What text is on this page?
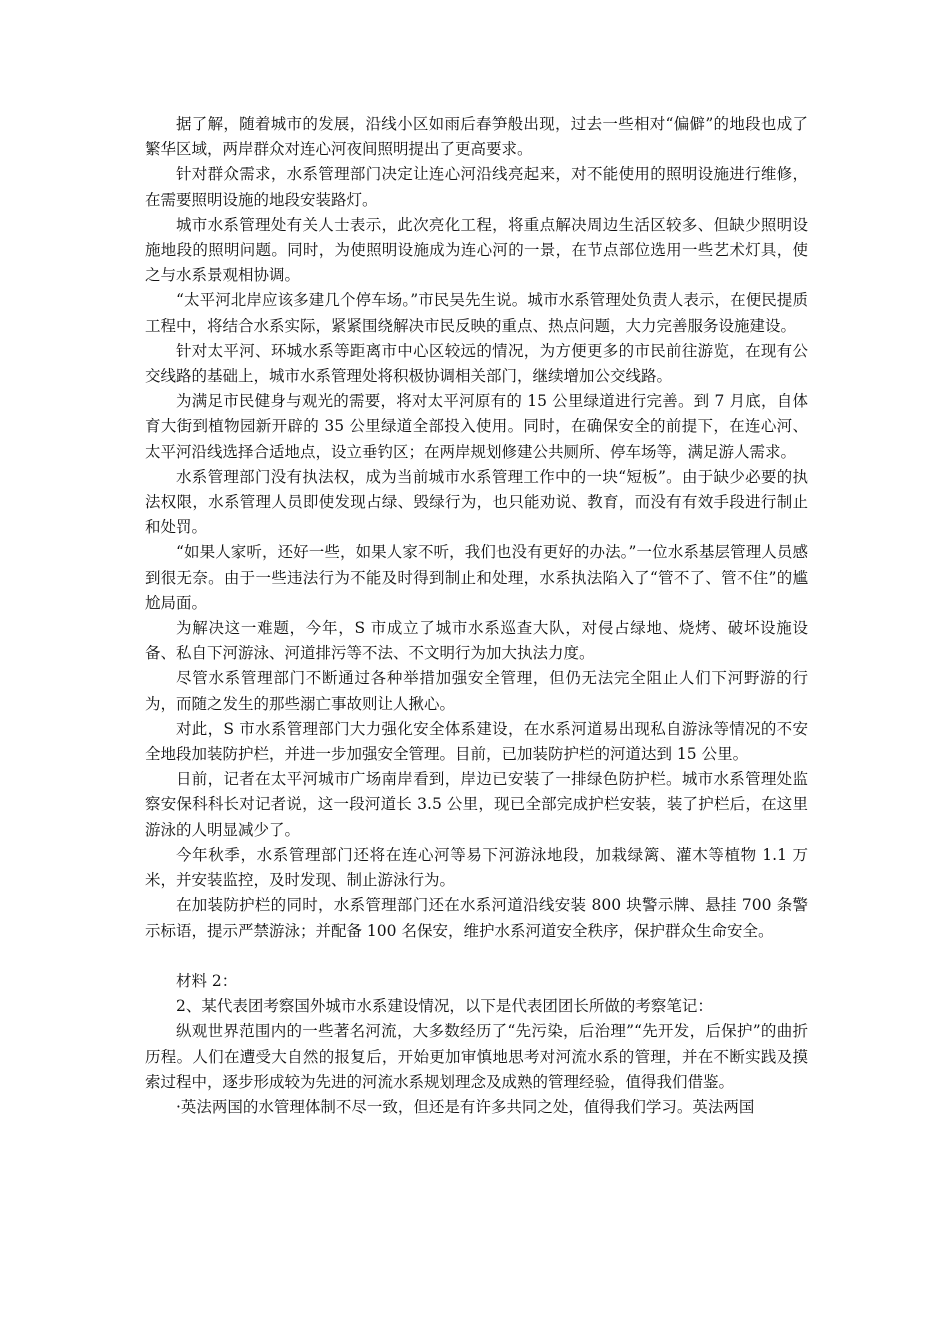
据了解，随着城市的发展，沿线小区如雨后春笋般出现，过去一些相对“偏僻”的地段也成了繁华区域，两岸群众对连心河夜间照明提出了更高要求。

针对群众需求，水系管理部门决定让连心河沿线亮起来，对不能使用的照明设施进行维修，在需要照明设施的地段安装路灯。

城市水系管理处有关人士表示，此次亮化工程，将重点解决周边生活区较多、但缺少照明设施地段的照明问题。同时，为使照明设施成为连心河的一景，在节点部位选用一些艺术灯具，使之与水系景观相协调。

“太平河北岸应该多建几个停车场。”市民吴先生说。城市水系管理处负责人表示，在便民提质工程中，将结合水系实际，紧紧围绕解决市民反映的重点、热点问题，大力完善服务设施建设。

针对太平河、环城水系等距离市中心区较远的情况，为方便更多的市民前往游览，在现有公交线路的基础上，城市水系管理处将积极协调相关部门，继续增加公交线路。

为满足市民健身与观光的需要，将对太平河原有的 15 公里绿道进行完善。到 7 月底，自体育大街到植物园新开辟的 35 公里绿道全部投入使用。同时，在确保安全的前提下，在连心河、太平河沿线选择合适地点，设立垂钓区；在两岸规划修建公共厕所、停车场等，满足游人需求。

水系管理部门没有执法权，成为当前城市水系管理工作中的一块“短板”。由于缺少必要的执法权限，水系管理人员即使发现占绿、毁绿行为，也只能劝说、教育，而没有有效手段进行制止和处罚。

“如果人家听，还好一些，如果人家不听，我们也没有更好的办法。”一位水系基层管理人员感到很无奈。由于一些违法行为不能及时得到制止和处理，水系执法陷入了“管不了、管不住”的尴尬局面。

为解决这一难题，今年，S 市成立了城市水系巡查大队，对侵占绿地、烧烤、破坏设施设备、私自下河游泳、河道排污等不法、不文明行为加大执法力度。

尽管水系管理部门不断通过各种举措加强安全管理，但仍无法完全阻止人们下河野游的行为，而随之发生的那些溺亡事故则让人揪心。

对此，S 市水系管理部门大力强化安全体系建设，在水系河道易出现私自游泳等情况的不安全地段加装防护栏，并进一步加强安全管理。目前，已加装防护栏的河道达到 15 公里。

日前，记者在太平河城市广场南岸看到，岸边已安装了一排绿色防护栏。城市水系管理处监察安保科科长对记者说，这一段河道长 3.5 公里，现已全部完成护栏安装，装了护栏后，在这里游泳的人明显减少了。

今年秋季，水系管理部门还将在连心河等易下河游泳地段，加栽绿篱、灌木等植物 1.1 万米，并安装监控，及时发现、制止游泳行为。

在加装防护栏的同时，水系管理部门还在水系河道沿线安装 800 块警示牌、悬挂 700 条警示标语，提示严禁游泳；并配备 100 名保安，维护水系河道安全秩序，保护群众生命安全。

材料 2：

2、某代表团考察国外城市水系建设情况，以下是代表团团长所做的考察笔记：

纵观世界范围内的一些著名河流，大多数经历了“先污染，后治理”“先开发，后保护”的曲折历程。人们在遭受大自然的报复后，开始更加审慎地思考对河流水系的管理，并在不断实践及摸索过程中，逐步形成较为先进的河流水系规划理念及成熟的管理经验，值得我们借鉴。

·英法两国的水管理体制不尽一致，但还是有许多共同之处，值得我们学习。英法两国
